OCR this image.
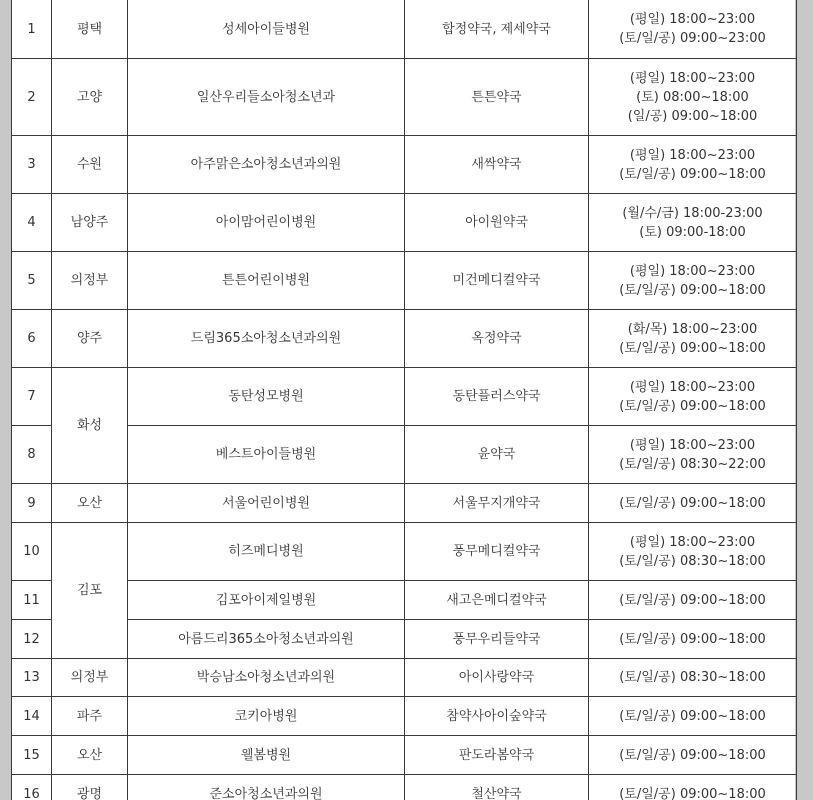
1	평택	성세아이들병원	합정약국, 제세약국	(평일) 18:00~23:00
(토/일/공) 09:00~23:00

2	고양	일산우리들소아청소년과	튼튼약국	(평일) 18:00~23:00
(토) 08:00~18:00
(일/공) 09:00~18:00

3	수원	아주맑은소아청소년과의원	새싹약국	(평일) 18:00~23:00
(토/일/공) 09:00~18:00

4	남양주	아이맘어린이병원	아이원약국	(월/수/금) 18:00-23:00
(토) 09:00-18:00

5	의정부	튼튼어린이병원	미건메디컬약국	(평일) 18:00~23:00
(토/일/공) 09:00~18:00

6	양주	드림365소아청소년과의원	옥정약국	(화/목) 18:00~23:00
(토/일/공) 09:00~18:00

7	화성	동탄성모병원	동탄플러스약국	(평일) 18:00~23:00
(토/일/공) 09:00~18:00

8		베스트아이들병원	윤약국	(평일) 18:00~23:00
(토/일/공) 08:30~22:00

9	오산	서울어린이병원	서울무지개약국	(토/일/공) 09:00~18:00

10	김포	히즈메디병원	풍무메디컬약국	(평일) 18:00~23:00
(토/일/공) 08:30~18:00

11		김포아이제일병원	새고은메디컬약국	(토/일/공) 09:00~18:00

12		아름드리365소아청소년과의원	풍무우리들약국	(토/일/공) 09:00~18:00

13	의정부	박승남소아청소년과의원	아이사랑약국	(토/일/공) 08:30~18:00

14	파주	코키아병원	참약사아이숲약국	(토/일/공) 09:00~18:00

15	오산	웰봄병원	판도라봄약국	(토/일/공) 09:00~18:00

16	광명	준소아청소년과의원	철산약국	(토/일/공) 09:00~18:00
